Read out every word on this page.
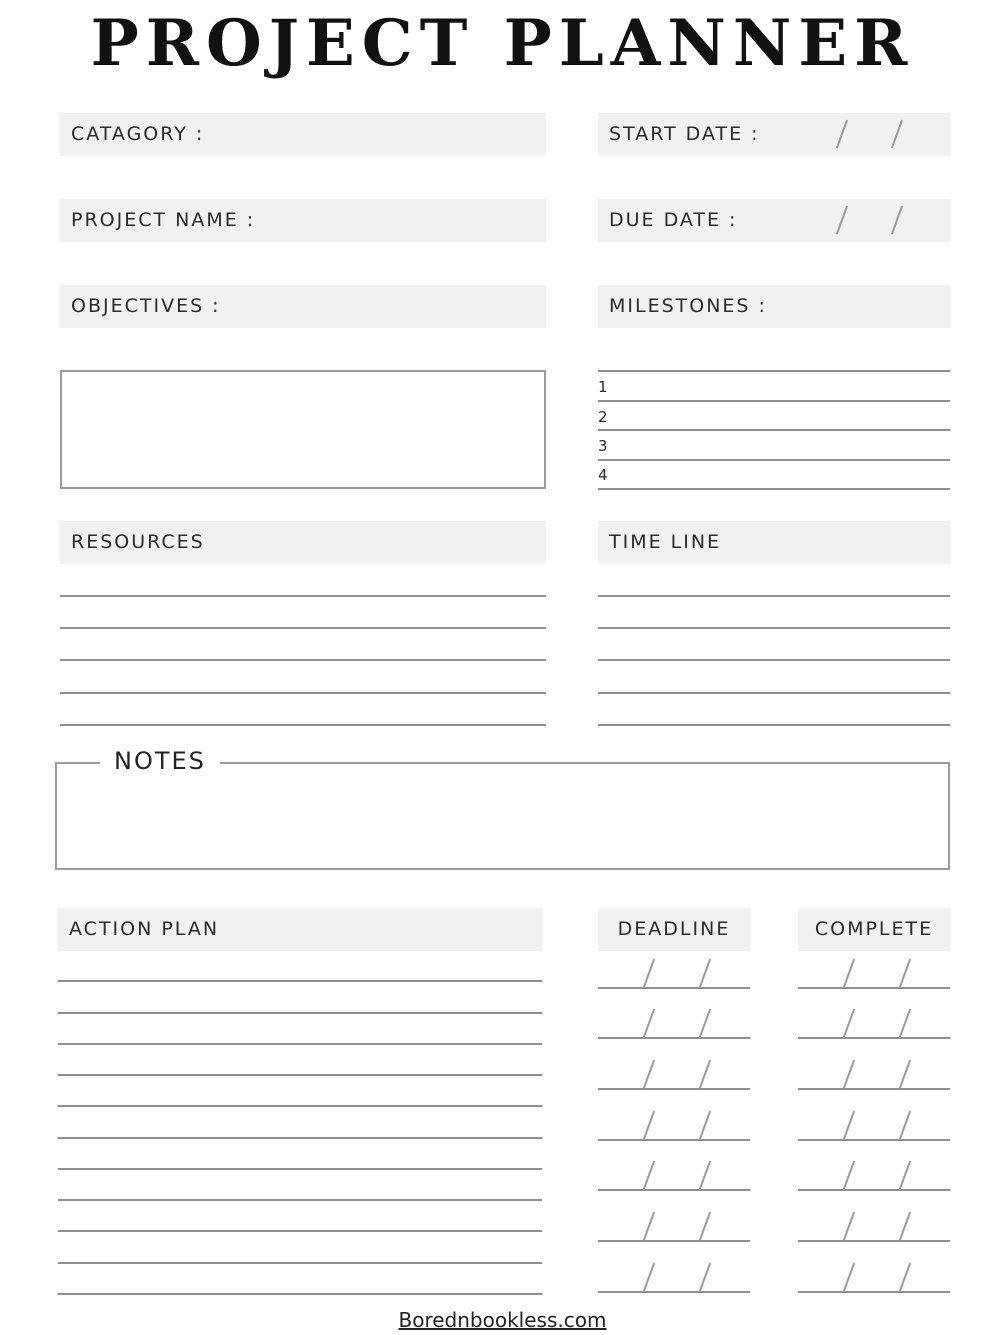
PROJECT PLANNER
CATAGORY :	START DATE :
PROJECT NAME :	DUE DATE :
OBJECTIVES :	MILESTONES :
1
2
3
4
RESOURCES	TIME LINE
NOTES
ACTION PLAN	DEADLINE	COMPLETE
Borednbookless.com
